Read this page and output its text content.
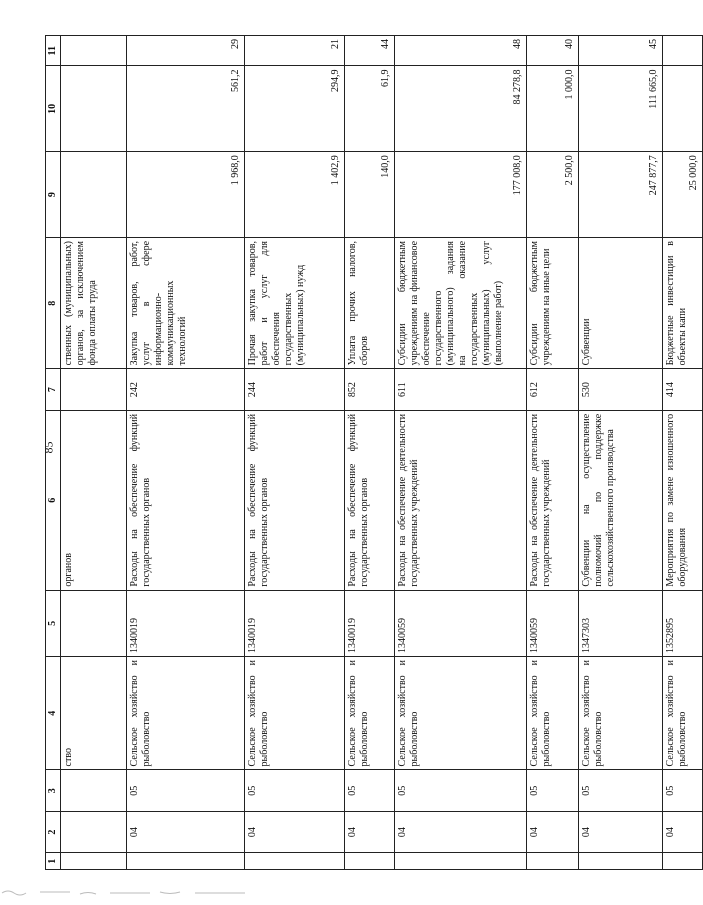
85
1	2	3	4	5	6	7	8	9	10	11
			ство		органов		ственных (муниципальных) органов, за исключением фонда оплаты труда			
	04	05	Сельское хозяйство и рыболовство	1340019	Расходы на обеспечение функций государственных органов	242	Закупка товаров, работ, услуг в сфере информационно-коммуникационных технологий	1 968,0	561,2	29
	04	05	Сельское хозяйство и рыболовство	1340019	Расходы на обеспечение функций государственных органов	244	Прочая закупка товаров, работ и услуг для обеспечения государственных (муниципальных) нужд	1 402,9	294,9	21
	04	05	Сельское хозяйство и рыболовство	1340019	Расходы на обеспечение функций государственных органов	852	Уплата прочих налогов, сборов	140,0	61,9	44
	04	05	Сельское хозяйство и рыболовство	1340059	Расходы на обеспечение деятельности государственных учреждений	611	Субсидии бюджетным учреждениям на финансовое обеспечение государственного (муниципального) задания на оказание государственных (муниципальных) услуг (выполнение работ)	177 008,0	84 278,8	48
	04	05	Сельское хозяйство и рыболовство	1340059	Расходы на обеспечение деятельности государственных учреждений	612	Субсидии бюджетным учреждениям на иные цели	2 500,0	1 000,0	40
	04	05	Сельское хозяйство и рыболовство	1347303	Субвенции на осуществление полномочий по поддержке сельскохозяйственного производства	530	Субвенции	247 877,7	111 665,0	45
	04	05	Сельское хозяйство и рыболовство	1352895	Мероприятия по замене изношенного оборудования	414	Бюджетные инвестиции в объекты капи	25 000,0		
